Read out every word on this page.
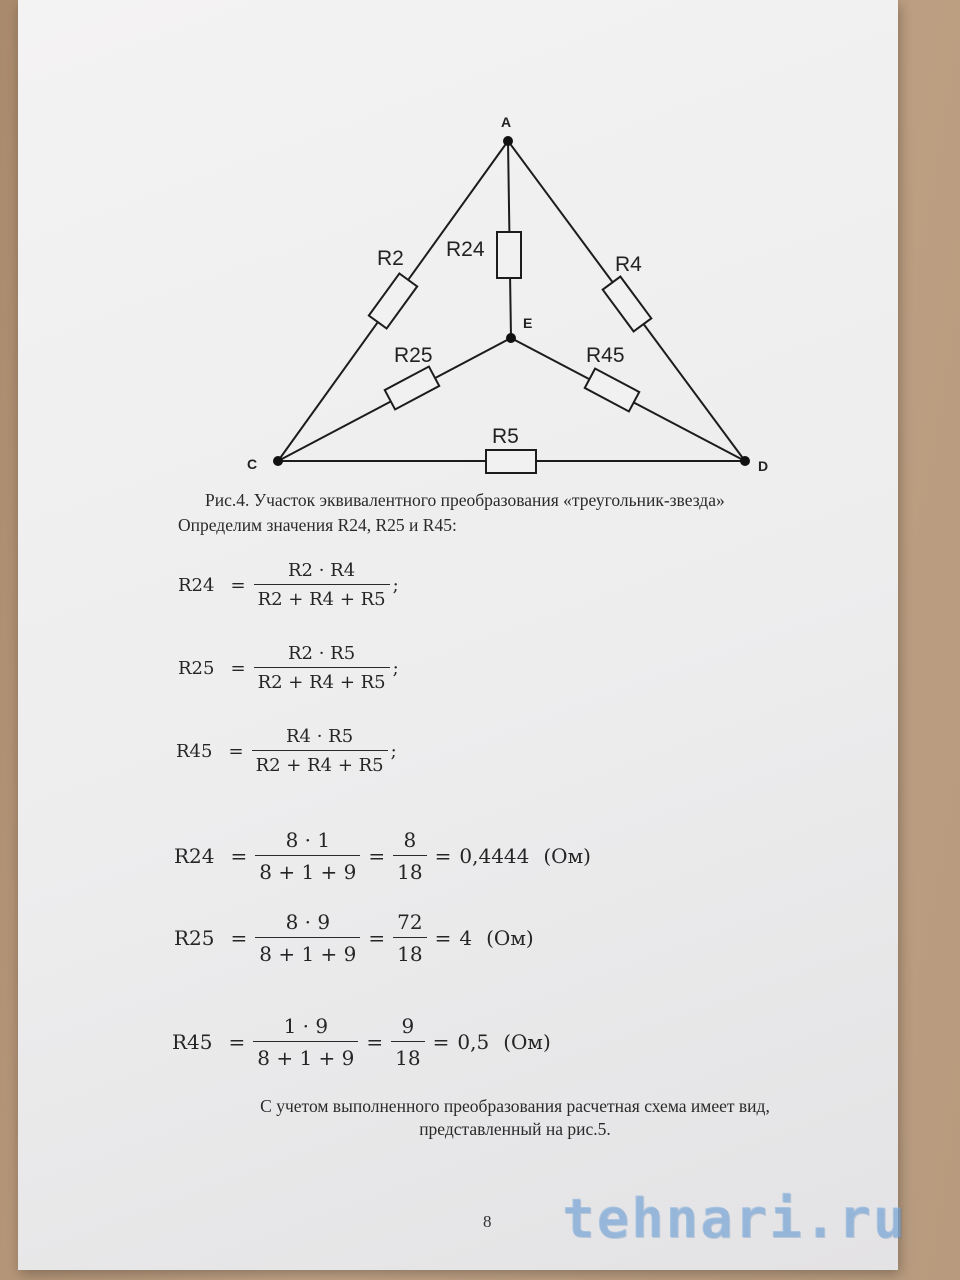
A
E
C	D
R2 R24
R4
R25	R45
R5
Рис.4. Участок эквивалентного преобразования «треугольник-звезда»
Определим значения R24, R25 и R45:
$R24 = \frac{R2 \cdot R4}{R2 + R4 + R5}$ ;
$R25 = \frac{R2 \cdot R5}{R2 + R4 + R5}$ ;
$R45 = \frac{R4 \cdot R5}{R2 + R4 + R5}$ ;
$R24 = \frac{8 \cdot 1}{8 + 1 + 9} = \frac{8}{18} = 0,4444$ (Ом)
$R25 = \frac{8 \cdot 9}{8 + 1 + 9} = \frac{72}{18} = 4$ (Ом)
$R45 = \frac{1 \cdot 9}{8 + 1 + 9} = \frac{9}{18} = 0,5$ (Ом)
С учетом выполненного преобразования расчетная схема имеет вид,
представленный на рис.5.
8 tehnari.ru
